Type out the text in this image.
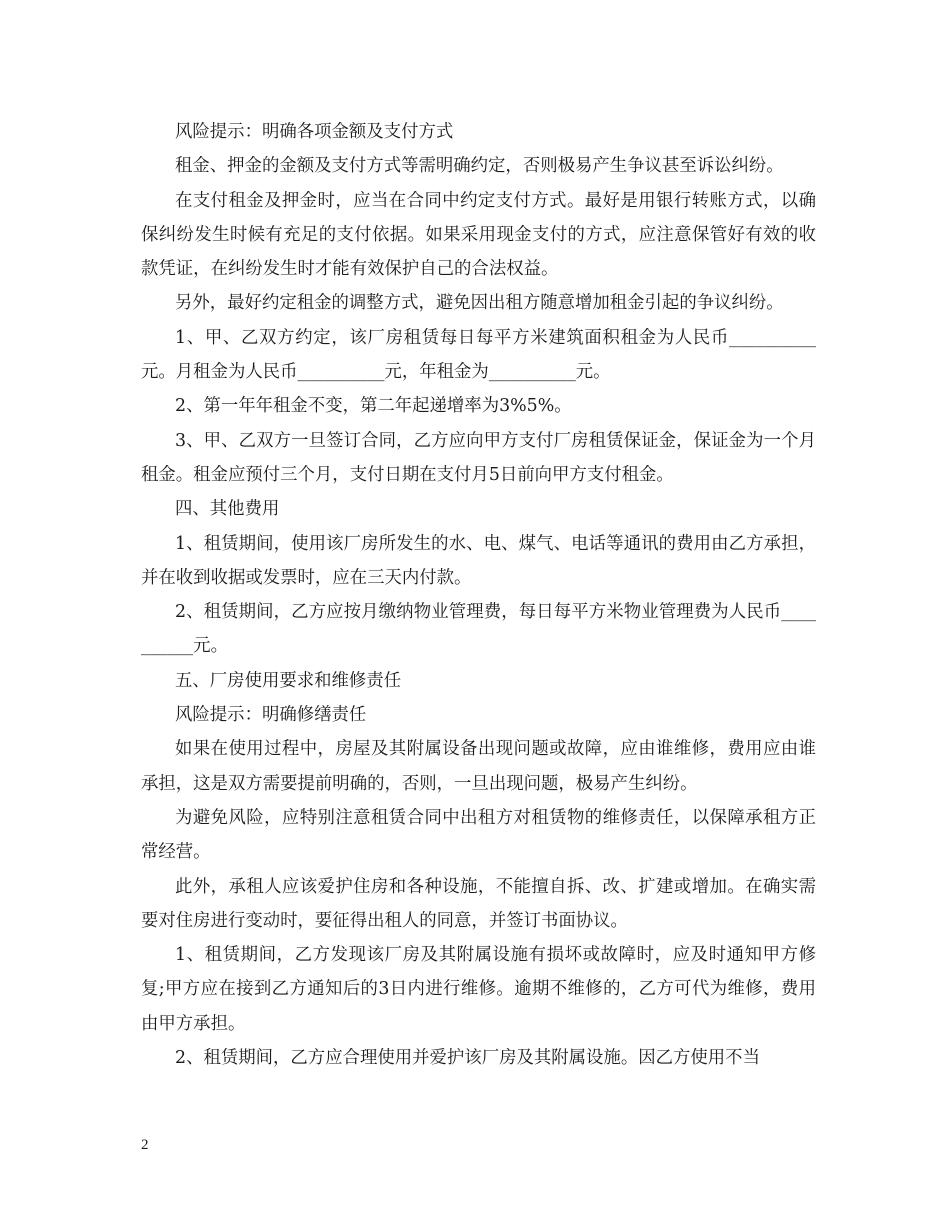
风险提示：明确各项金额及支付方式

租金、押金的金额及支付方式等需明确约定，否则极易产生争议甚至诉讼纠纷。

在支付租金及押金时，应当在合同中约定支付方式。最好是用银行转账方式，以确保纠纷发生时候有充足的支付依据。如果采用现金支付的方式，应注意保管好有效的收款凭证，在纠纷发生时才能有效保护自己的合法权益。

另外，最好约定租金的调整方式，避免因出租方随意增加租金引起的争议纠纷。

1、甲、乙双方约定，该厂房租赁每日每平方米建筑面积租金为人民币__________元。月租金为人民币__________元，年租金为__________元。

2、第一年年租金不变，第二年起递增率为3%5%。

3、甲、乙双方一旦签订合同，乙方应向甲方支付厂房租赁保证金，保证金为一个月租金。租金应预付三个月，支付日期在支付月5日前向甲方支付租金。

四、其他费用

1、租赁期间，使用该厂房所发生的水、电、煤气、电话等通讯的费用由乙方承担，并在收到收据或发票时，应在三天内付款。

2、租赁期间，乙方应按月缴纳物业管理费，每日每平方米物业管理费为人民币__________元。

五、厂房使用要求和维修责任

风险提示：明确修缮责任

如果在使用过程中，房屋及其附属设备出现问题或故障，应由谁维修，费用应由谁承担，这是双方需要提前明确的，否则，一旦出现问题，极易产生纠纷。

为避免风险，应特别注意租赁合同中出租方对租赁物的维修责任，以保障承租方正常经营。

此外，承租人应该爱护住房和各种设施，不能擅自拆、改、扩建或增加。在确实需要对住房进行变动时，要征得出租人的同意，并签订书面协议。

1、租赁期间，乙方发现该厂房及其附属设施有损坏或故障时，应及时通知甲方修复;甲方应在接到乙方通知后的3日内进行维修。逾期不维修的，乙方可代为维修，费用由甲方承担。

2、租赁期间，乙方应合理使用并爱护该厂房及其附属设施。因乙方使用不当

2
